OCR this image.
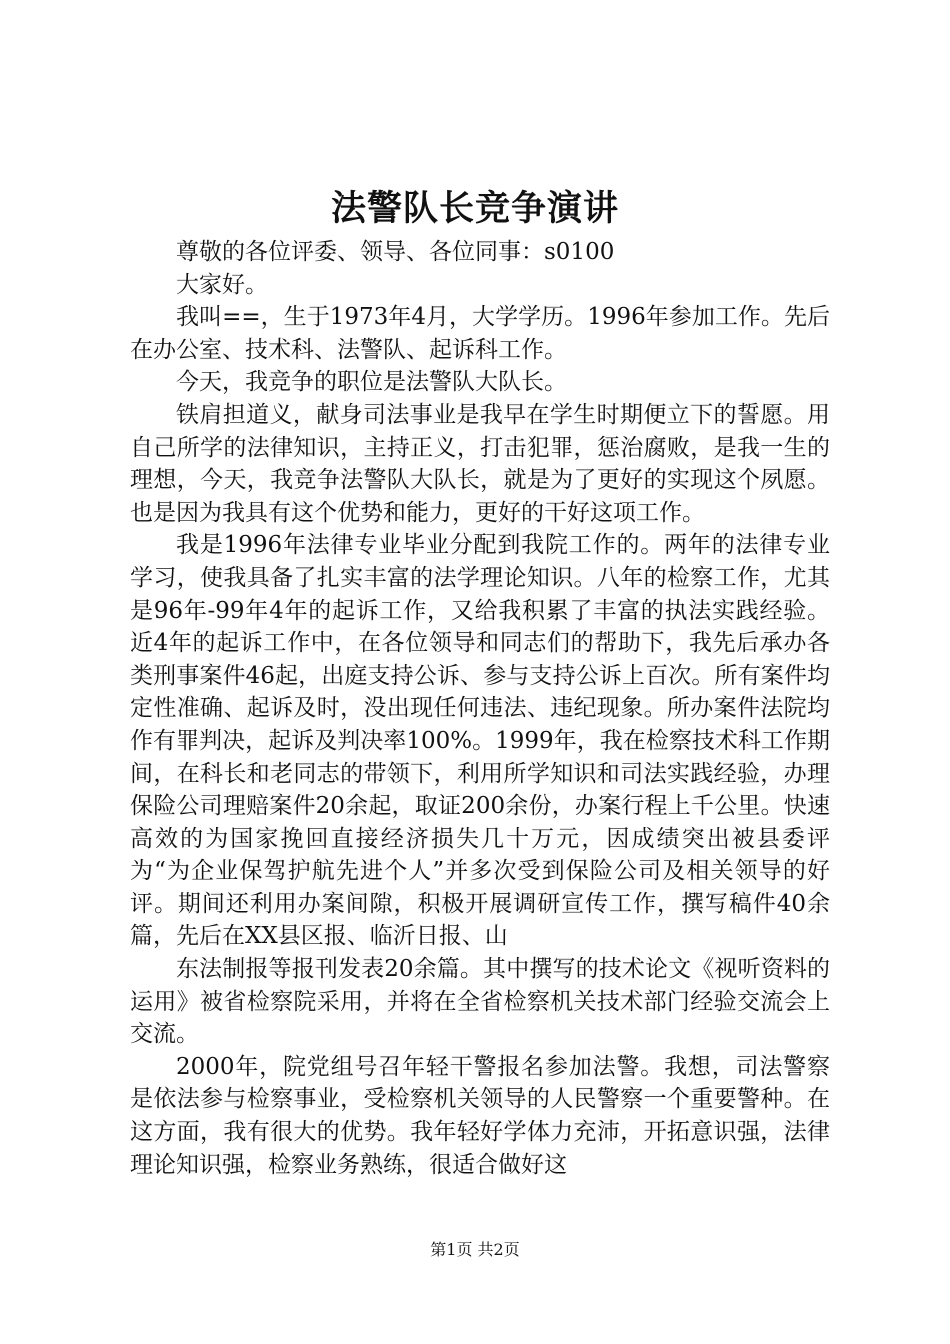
法警队长竞争演讲

尊敬的各位评委、领导、各位同事：s0100

大家好。

我叫==，生于1973年4月，大学学历。1996年参加工作。先后在办公室、技术科、法警队、起诉科工作。

今天，我竞争的职位是法警队大队长。

铁肩担道义，献身司法事业是我早在学生时期便立下的誓愿。用自己所学的法律知识，主持正义，打击犯罪，惩治腐败，是我一生的理想，今天，我竞争法警队大队长，就是为了更好的实现这个夙愿。也是因为我具有这个优势和能力，更好的干好这项工作。

我是1996年法律专业毕业分配到我院工作的。两年的法律专业学习，使我具备了扎实丰富的法学理论知识。八年的检察工作，尤其是96年-99年4年的起诉工作，又给我积累了丰富的执法实践经验。近4年的起诉工作中，在各位领导和同志们的帮助下，我先后承办各类刑事案件46起，出庭支持公诉、参与支持公诉上百次。所有案件均定性准确、起诉及时，没出现任何违法、违纪现象。所办案件法院均作有罪判决，起诉及判决率100%。1999年，我在检察技术科工作期间，在科长和老同志的带领下，利用所学知识和司法实践经验，办理保险公司理赔案件20余起，取证200余份，办案行程上千公里。快速高效的为国家挽回直接经济损失几十万元，因成绩突出被县委评为“为企业保驾护航先进个人”并多次受到保险公司及相关领导的好评。期间还利用办案间隙，积极开展调研宣传工作，撰写稿件40余篇，先后在XX县区报、临沂日报、山

东法制报等报刊发表20余篇。其中撰写的技术论文《视听资料的运用》被省检察院采用，并将在全省检察机关技术部门经验交流会上交流。

2000年，院党组号召年轻干警报名参加法警。我想，司法警察是依法参与检察事业，受检察机关领导的人民警察一个重要警种。在这方面，我有很大的优势。我年轻好学体力充沛，开拓意识强，法律理论知识强，检察业务熟练，很适合做好这

第1页 共2页
